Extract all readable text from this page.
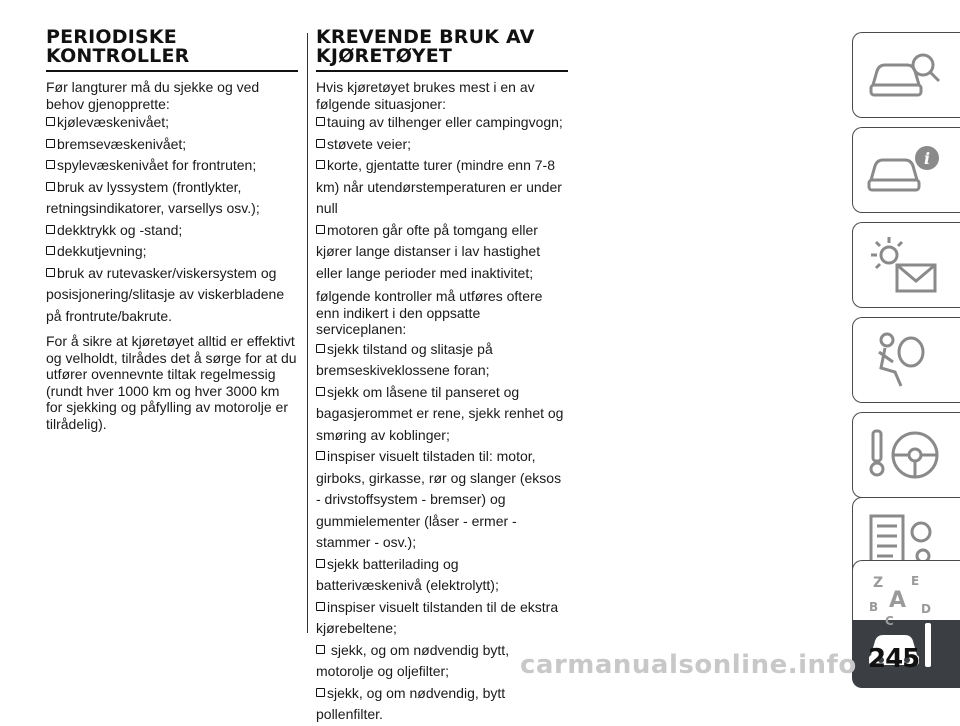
PERIODISKE KONTROLLER

Før langturer må du sjekke og ved behov gjenopprette:

kjølevæskenivået;
bremsevæskenivået;
spylevæskenivået for frontruten;
bruk av lyssystem (frontlykter, retningsindikatorer, varsellys osv.);
dekktrykk og -stand;
dekkutjevning;
bruk av rutevasker/viskersystem og posisjonering/slitasje av viskerbladene på frontrute/bakrute.

For å sikre at kjøretøyet alltid er effektivt og velholdt, tilrådes det å sørge for at du utfører ovennevnte tiltak regelmessig (rundt hver 1000 km og hver 3000 km for sjekking og påfylling av motorolje er tilrådelig).

KREVENDE BRUK AV KJØRETØYET

Hvis kjøretøyet brukes mest i en av følgende situasjoner:

tauing av tilhenger eller campingvogn;
støvete veier;
korte, gjentatte turer (mindre enn 7-8 km) når utendørstemperaturen er under null
motoren går ofte på tomgang eller kjører lange distanser i lav hastighet eller lange perioder med inaktivitet;

følgende kontroller må utføres oftere enn indikert i den oppsatte serviceplanen:

sjekk tilstand og slitasje på bremseskiveklossene foran;
sjekk om låsene til panseret og bagasjerommet er rene, sjekk renhet og smøring av koblinger;
inspiser visuelt tilstaden til: motor, girboks, girkasse, rør og slanger (eksos - drivstoffsystem - bremser) og gummielementer (låser - ermer - stammer - osv.);
sjekk batterilading og batterivæskenivå (elektrolytt);
inspiser visuelt tilstanden til de ekstra kjørebeltene;
sjekk, og om nødvendig bytt, motorolje og oljefilter;
sjekk, og om nødvendig, bytt pollenfilter.
i
Z E
B A D
C
carmanualsonline.info 245
